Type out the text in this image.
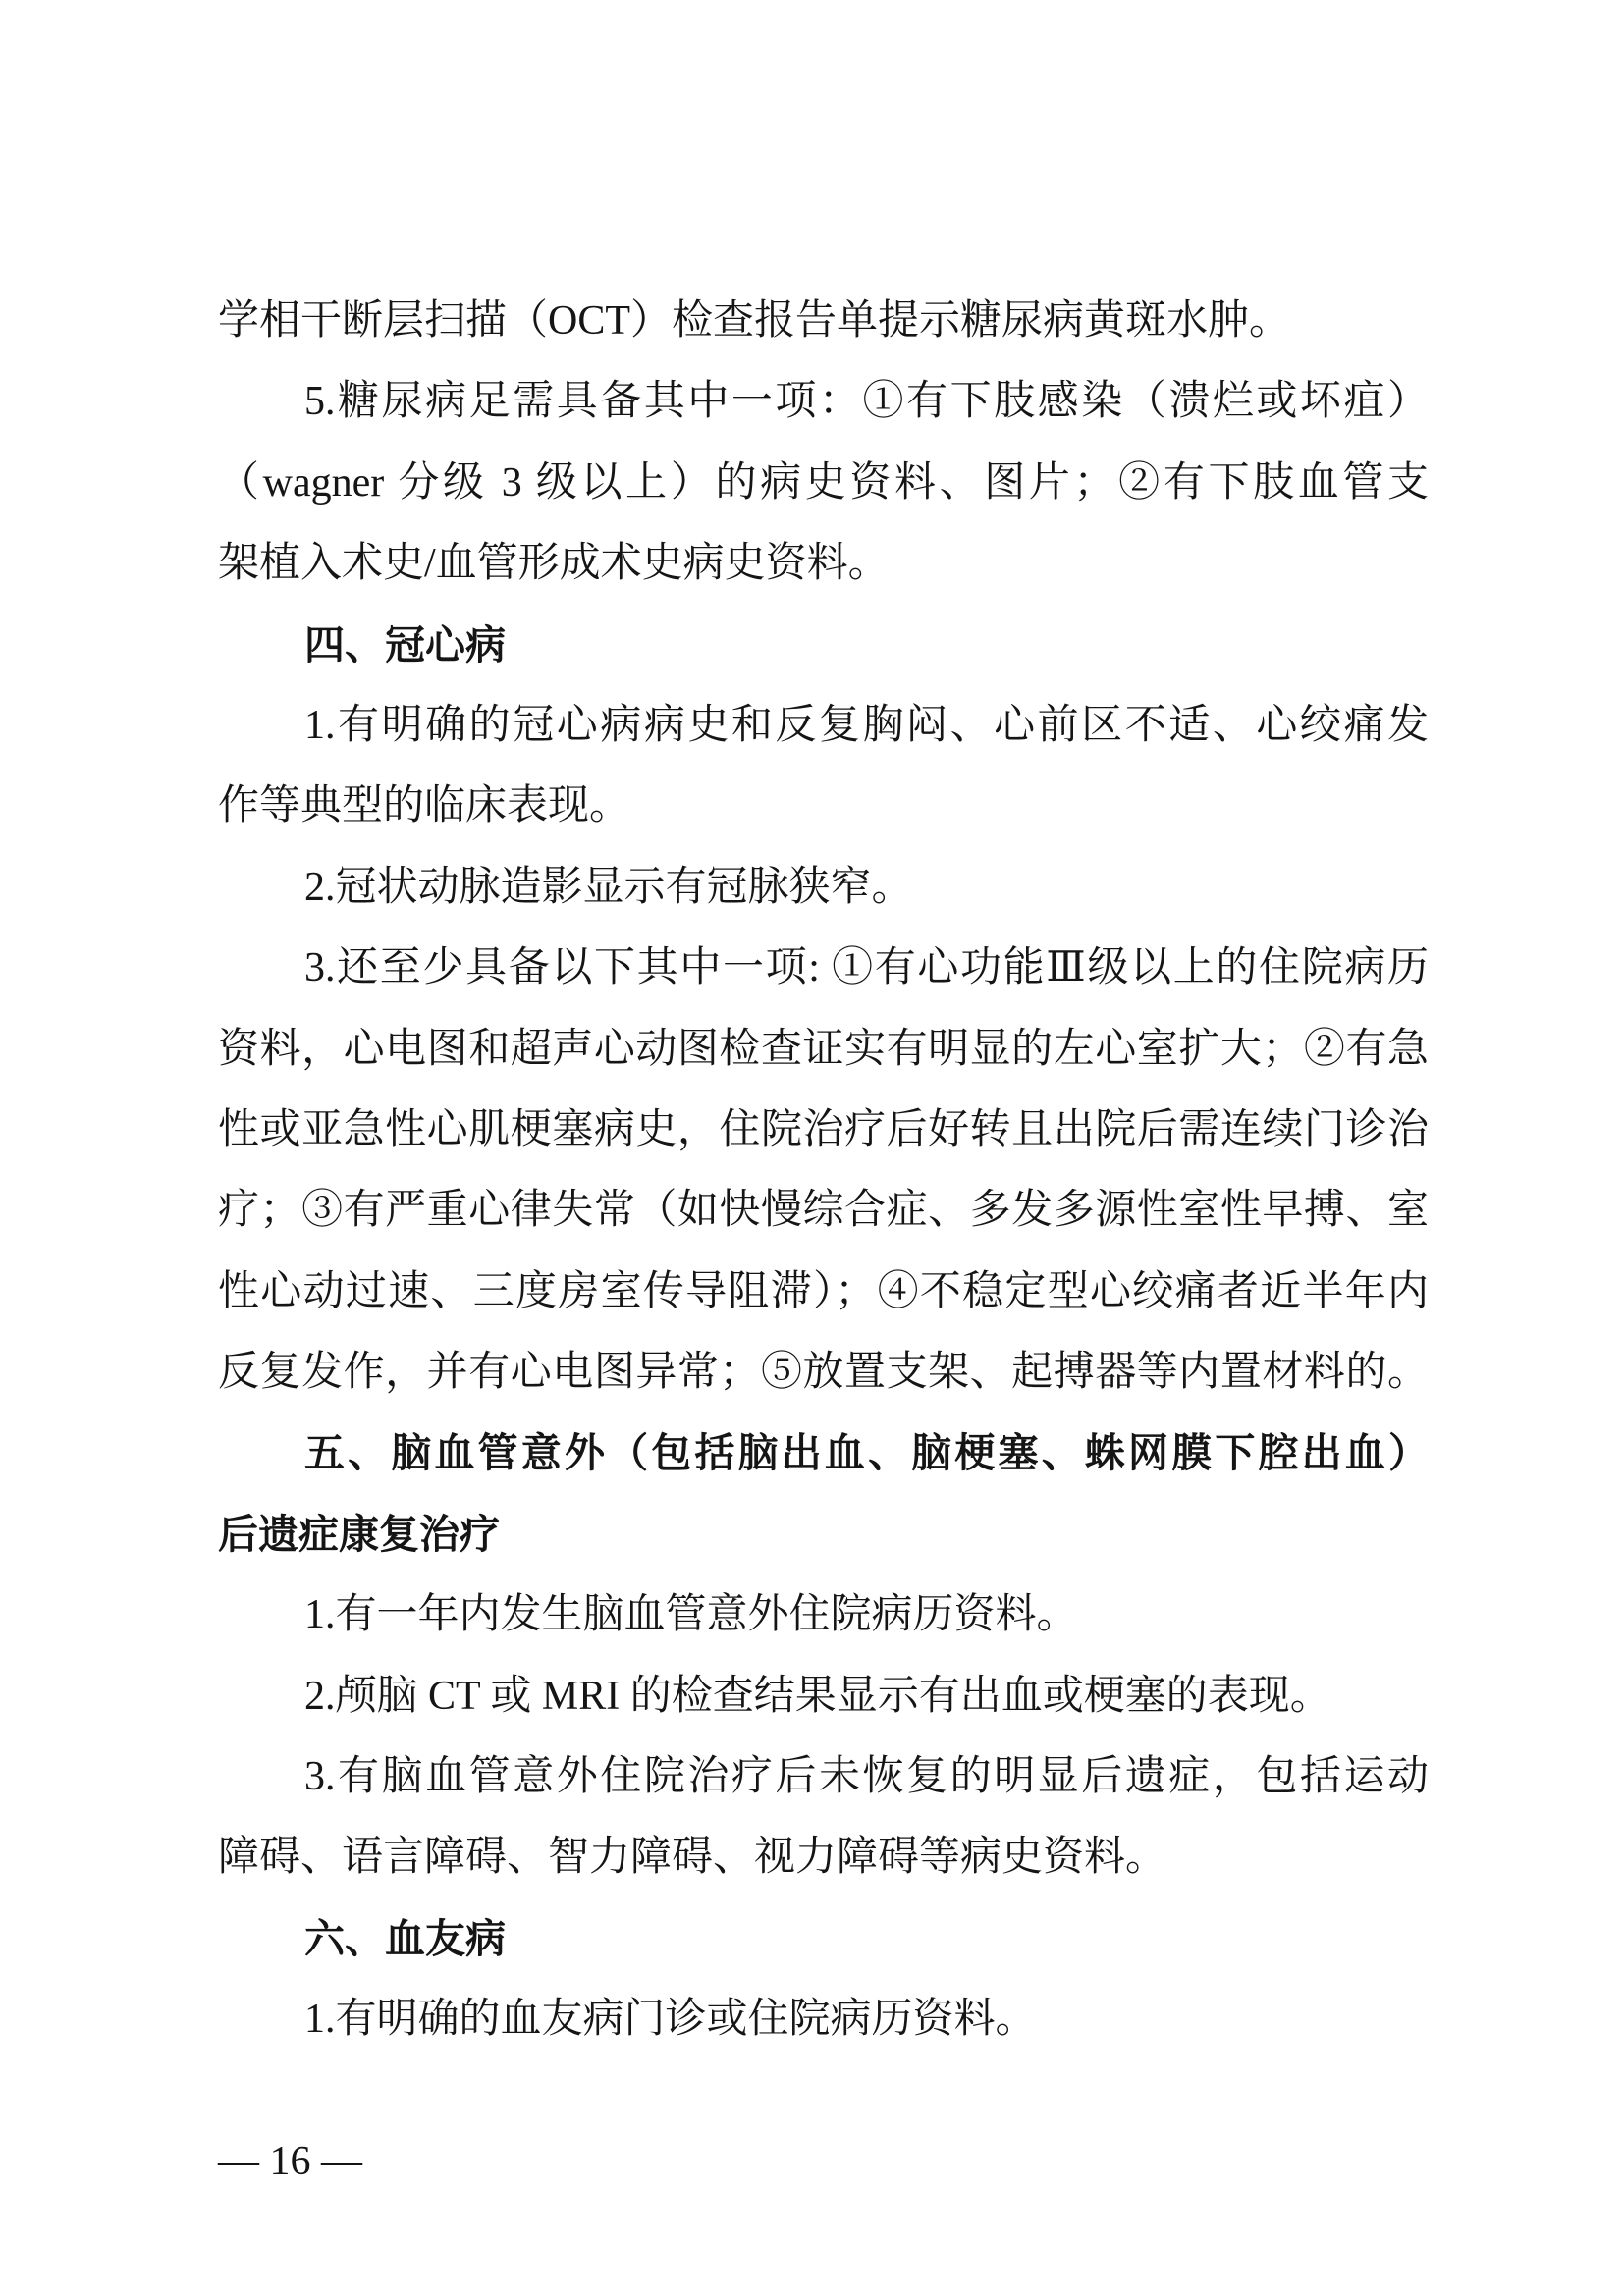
学相干断层扫描（OCT）检查报告单提示糖尿病黄斑水肿。
5.糖尿病足需具备其中一项：①有下肢感染（溃烂或坏疽）
（wagner 分级 3 级以上）的病史资料、图片；②有下肢血管支
架植入术史/血管形成术史病史资料。
四、冠心病
1.有明确的冠心病病史和反复胸闷、心前区不适、心绞痛发
作等典型的临床表现。
2.冠状动脉造影显示有冠脉狭窄。
3.还至少具备以下其中一项: ①有心功能Ⅲ级以上的住院病历
资料，心电图和超声心动图检查证实有明显的左心室扩大；②有急
性或亚急性心肌梗塞病史，住院治疗后好转且出院后需连续门诊治
疗；③有严重心律失常（如快慢综合症、多发多源性室性早搏、室
性心动过速、三度房室传导阻滞）；④不稳定型心绞痛者近半年内
反复发作，并有心电图异常；⑤放置支架、起搏器等内置材料的。
五、脑血管意外（包括脑出血、脑梗塞、蛛网膜下腔出血）
后遗症康复治疗
1.有一年内发生脑血管意外住院病历资料。
2.颅脑 CT 或 MRI 的检查结果显示有出血或梗塞的表现。
3.有脑血管意外住院治疗后未恢复的明显后遗症，包括运动
障碍、语言障碍、智力障碍、视力障碍等病史资料。
六、血友病
1.有明确的血友病门诊或住院病历资料。
— 16 —
